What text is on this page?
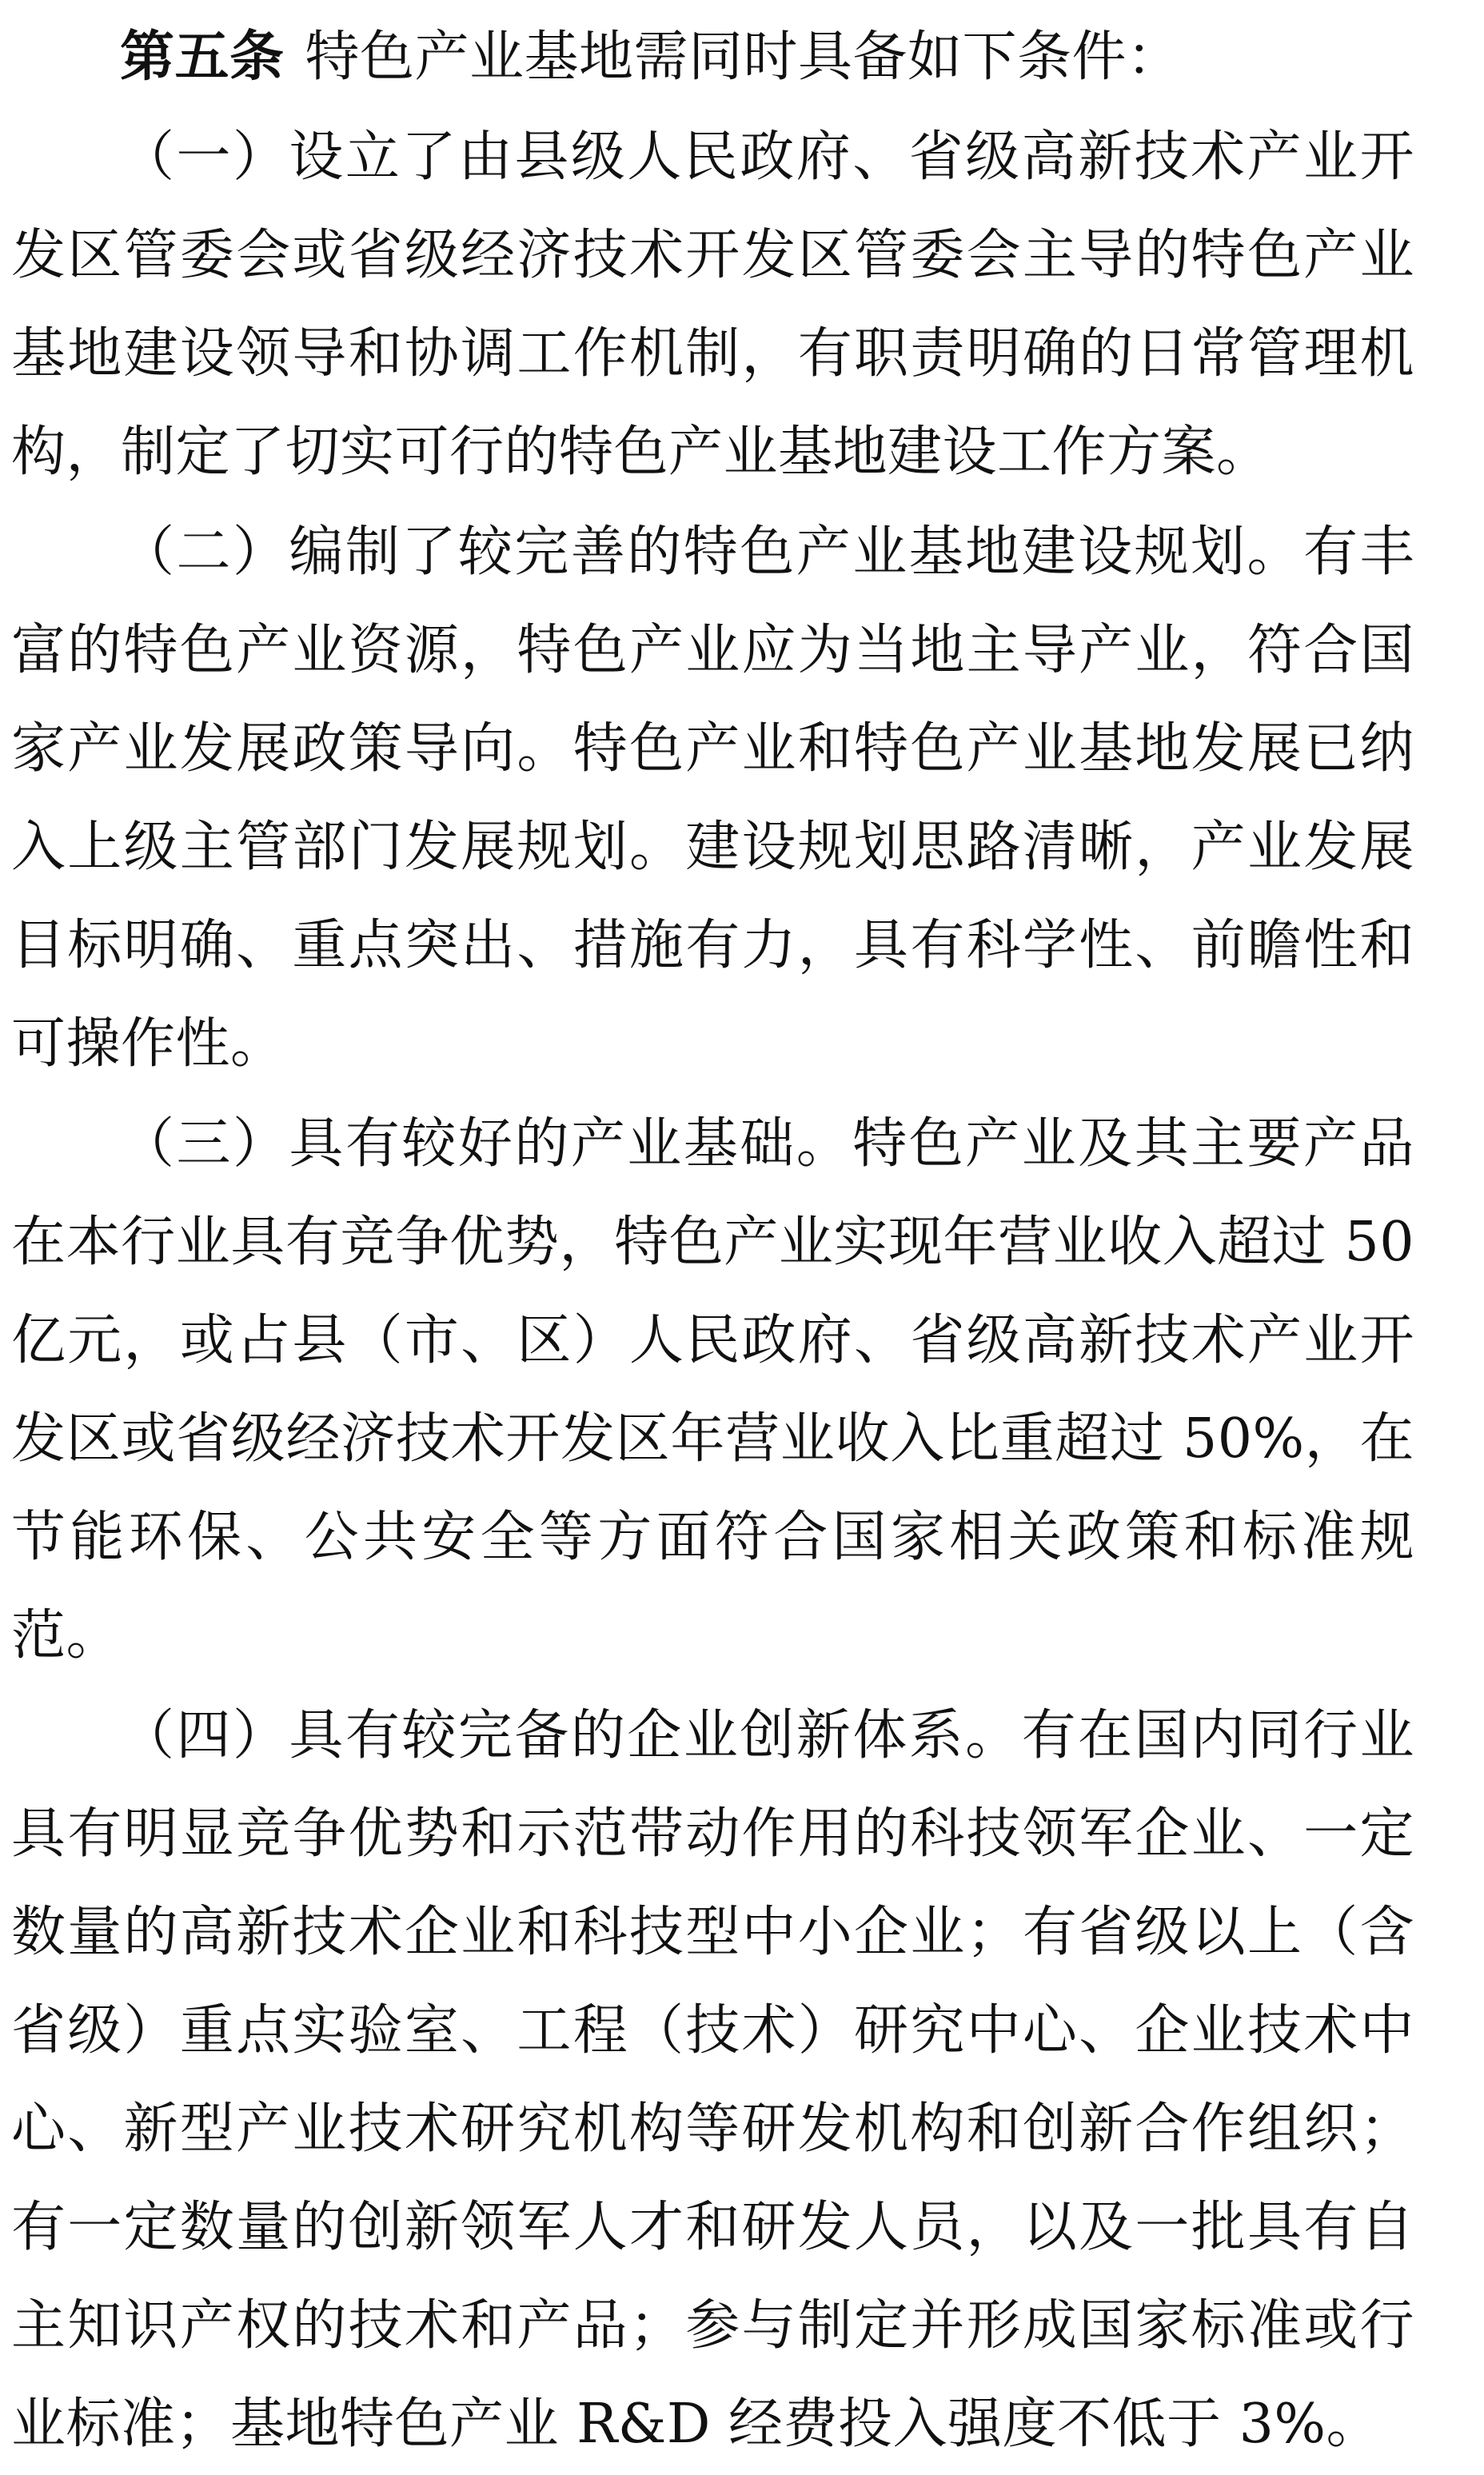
第五条 特色产业基地需同时具备如下条件：

（一）设立了由县级人民政府、省级高新技术产业开发区管委会或省级经济技术开发区管委会主导的特色产业基地建设领导和协调工作机制，有职责明确的日常管理机构，制定了切实可行的特色产业基地建设工作方案。

（二）编制了较完善的特色产业基地建设规划。有丰富的特色产业资源，特色产业应为当地主导产业，符合国家产业发展政策导向。特色产业和特色产业基地发展已纳入上级主管部门发展规划。建设规划思路清晰，产业发展目标明确、重点突出、措施有力，具有科学性、前瞻性和可操作性。

（三）具有较好的产业基础。特色产业及其主要产品在本行业具有竞争优势，特色产业实现年营业收入超过 50 亿元，或占县（市、区）人民政府、省级高新技术产业开发区或省级经济技术开发区年营业收入比重超过 50%，在节能环保、公共安全等方面符合国家相关政策和标准规范。

（四）具有较完备的企业创新体系。有在国内同行业具有明显竞争优势和示范带动作用的科技领军企业、一定数量的高新技术企业和科技型中小企业；有省级以上（含省级）重点实验室、工程（技术）研究中心、企业技术中心、新型产业技术研究机构等研发机构和创新合作组织；有一定数量的创新领军人才和研发人员，以及一批具有自主知识产权的技术和产品；参与制定并形成国家标准或行业标准；基地特色产业 R&D 经费投入强度不低于 3%。
